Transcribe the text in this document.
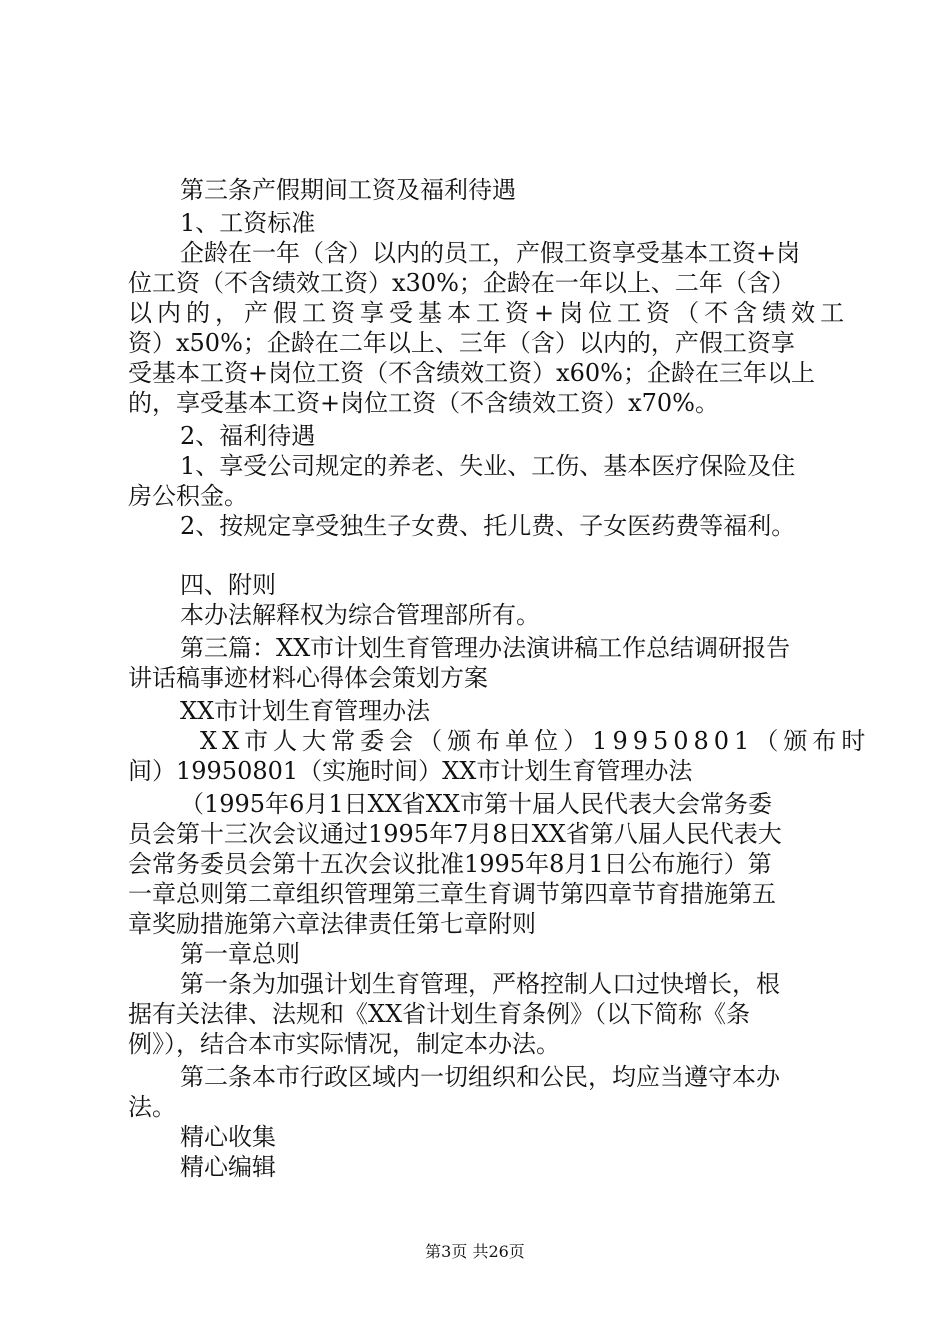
第三条产假期间工资及福利待遇
1、工资标准
企龄在一年（含）以内的员工，产假工资享受基本工资+岗
位工资（不含绩效工资）x30%；企龄在一年以上、二年（含）
以内的，产假工资享受基本工资+岗位工资（不含绩效工
资）x50%；企龄在二年以上、三年（含）以内的，产假工资享
受基本工资+岗位工资（不含绩效工资）x60%；企龄在三年以上
的，享受基本工资+岗位工资（不含绩效工资）x70%。
2、福利待遇
1、享受公司规定的养老、失业、工伤、基本医疗保险及住
房公积金。
2、按规定享受独生子女费、托儿费、子女医药费等福利。
四、附则
本办法解释权为综合管理部所有。
第三篇：XX市计划生育管理办法演讲稿工作总结调研报告
讲话稿事迹材料心得体会策划方案
XX市计划生育管理办法
XX市人大常委会（颁布单位）19950801（颁布时
间）19950801（实施时间）XX市计划生育管理办法
（1995年6月1日XX省XX市第十届人民代表大会常务委
员会第十三次会议通过1995年7月8日XX省第八届人民代表大
会常务委员会第十五次会议批准1995年8月1日公布施行）第
一章总则第二章组织管理第三章生育调节第四章节育措施第五
章奖励措施第六章法律责任第七章附则
第一章总则
第一条为加强计划生育管理，严格控制人口过快增长，根
据有关法律、法规和《XX省计划生育条例》（以下简称《条
例》），结合本市实际情况，制定本办法。
第二条本市行政区域内一切组织和公民，均应当遵守本办
法。
精心收集
精心编辑
第3页 共26页
